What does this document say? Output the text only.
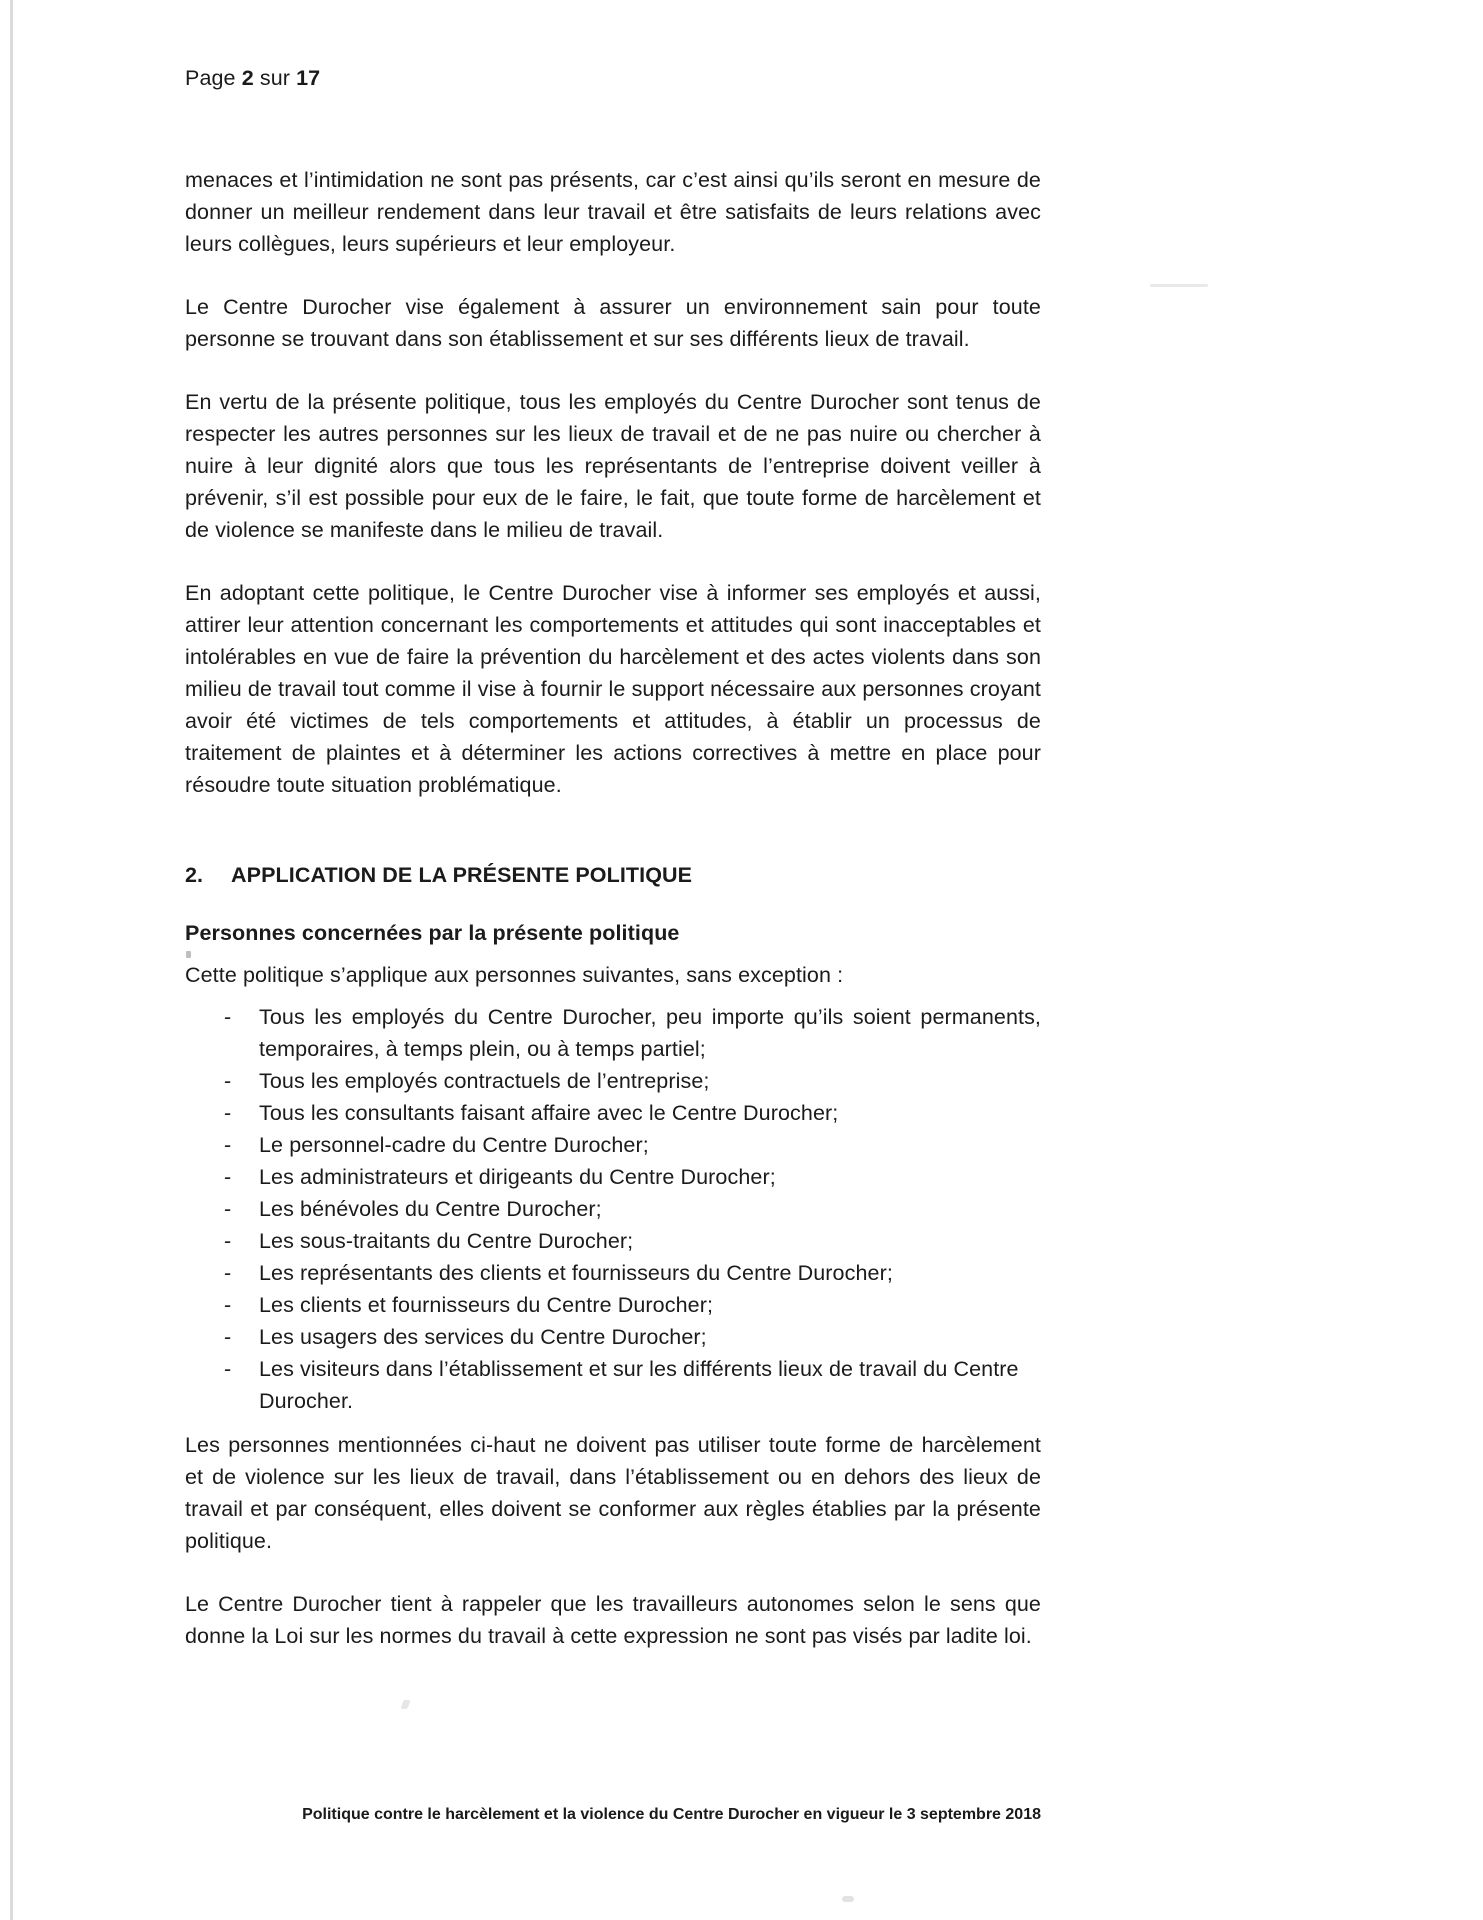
Page 2 sur 17

menaces et l’intimidation ne sont pas présents, car c’est ainsi qu’ils seront en mesure de donner un meilleur rendement dans leur travail et être satisfaits de leurs relations avec leurs collègues, leurs supérieurs et leur employeur.

Le Centre Durocher vise également à assurer un environnement sain pour toute personne se trouvant dans son établissement et sur ses différents lieux de travail.

En vertu de la présente politique, tous les employés du Centre Durocher sont tenus de respecter les autres personnes sur les lieux de travail et de ne pas nuire ou chercher à nuire à leur dignité alors que tous les représentants de l’entreprise doivent veiller à prévenir, s’il est possible pour eux de le faire, le fait, que toute forme de harcèlement et de violence se manifeste dans le milieu de travail.

En adoptant cette politique, le Centre Durocher vise à informer ses employés et aussi, attirer leur attention concernant les comportements et attitudes qui sont inacceptables et intolérables en vue de faire la prévention du harcèlement et des actes violents dans son milieu de travail tout comme il vise à fournir le support nécessaire aux personnes croyant avoir été victimes de tels comportements et attitudes, à établir un processus de traitement de plaintes et à déterminer les actions correctives à mettre en place pour résoudre toute situation problématique.

2.	APPLICATION DE LA PRÉSENTE POLITIQUE
Personnes concernées par la présente politique
Cette politique s’applique aux personnes suivantes, sans exception :
- Tous les employés du Centre Durocher, peu importe qu’ils soient permanents, temporaires, à temps plein, ou à temps partiel;
- Tous les employés contractuels de l’entreprise;
- Tous les consultants faisant affaire avec le Centre Durocher;
- Le personnel-cadre du Centre Durocher;
- Les administrateurs et dirigeants du Centre Durocher;
- Les bénévoles du Centre Durocher;
- Les sous-traitants du Centre Durocher;
- Les représentants des clients et fournisseurs du Centre Durocher;
- Les clients et fournisseurs du Centre Durocher;
- Les usagers des services du Centre Durocher;
- Les visiteurs dans l’établissement et sur les différents lieux de travail du Centre Durocher.

Les personnes mentionnées ci-haut ne doivent pas utiliser toute forme de harcèlement et de violence sur les lieux de travail, dans l’établissement ou en dehors des lieux de travail et par conséquent, elles doivent se conformer aux règles établies par la présente politique.

Le Centre Durocher tient à rappeler que les travailleurs autonomes selon le sens que donne la Loi sur les normes du travail à cette expression ne sont pas visés par ladite loi.

Politique contre le harcèlement et la violence du Centre Durocher en vigueur le 3 septembre 2018
